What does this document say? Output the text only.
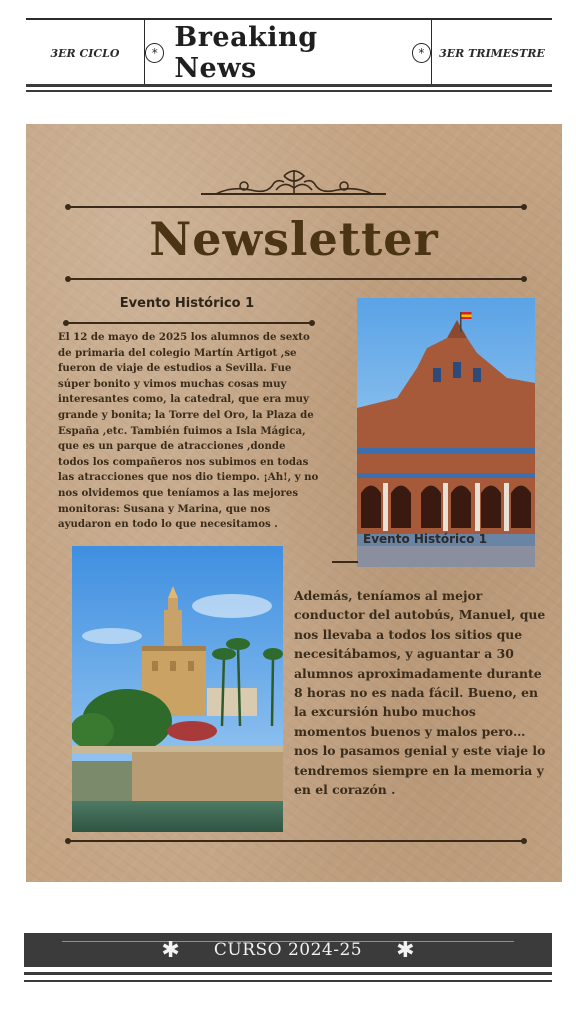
3ER CICLO	* Breaking News	*	3ER TRIMESTRE
Newsletter
Evento Histórico 1
El 12 de mayo de 2025 los alumnos de sexto de primaria del colegio Martín Artigot ,se fueron de viaje de estudios a Sevilla. Fue súper bonito y vimos muchas cosas muy interesantes como, la catedral, que era muy grande y bonita; la Torre del Oro, la Plaza de España ,etc. También fuimos a Isla Mágica, que es un parque de atracciones ,donde todos los compañeros nos subimos en todas las atracciones que nos dio tiempo. ¡Ah!, y no nos olvidemos que teníamos a las mejores monitoras: Susana y Marina, que nos ayudaron en todo lo que necesitamos .
Evento Histórico 1
Además, teníamos al mejor conductor del autobús, Manuel, que nos llevaba a todos los sitios que necesitábamos, y aguantar a 30 alumnos aproximadamente durante 8 horas no es nada fácil. Bueno, en la excursión hubo muchos momentos buenos y malos pero…nos lo pasamos genial y este viaje lo tendremos siempre en la memoria y en el corazón .
✱ CURSO 2024-25 ✱
